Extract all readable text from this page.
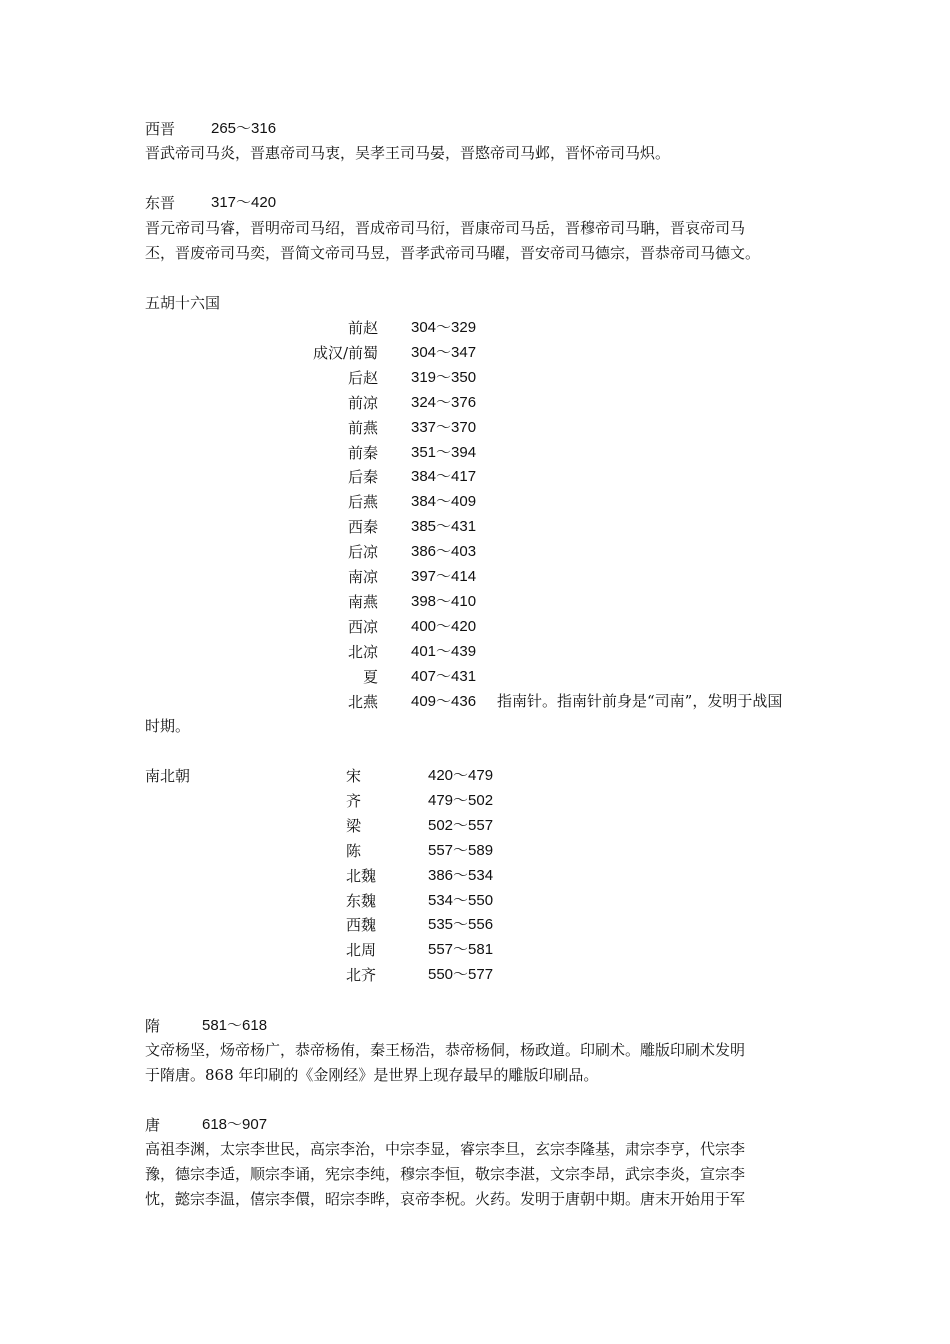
西晋 265～316
晋武帝司马炎，晋惠帝司马衷，吴孝王司马晏，晋愍帝司马邺，晋怀帝司马炽。
东晋 317～420
晋元帝司马睿，晋明帝司马绍，晋成帝司马衍，晋康帝司马岳，晋穆帝司马聃，晋哀帝司马
丕，晋废帝司马奕，晋简文帝司马昱，晋孝武帝司马曜，晋安帝司马德宗，晋恭帝司马德文。
五胡十六国
前赵 304～329
成汉/前蜀 304～347
后赵 319～350
前凉 324～376
前燕 337～370
前秦 351～394
后秦 384～417
后燕 384～409
西秦 385～431
后凉 386～403
南凉 397～414
南燕 398～410
西凉 400～420
北凉 401～439
夏 407～431
北燕 409～436 指南针。指南针前身是“司南”，发明于战国
时期。
南北朝	宋	420～479
齐	479～502
梁	502～557
陈	557～589
北魏	386～534
东魏	534～550
西魏	535～556
北周	557～581
北齐	550～577
隋	581～618
文帝杨坚，炀帝杨广，恭帝杨侑，秦王杨浩，恭帝杨侗，杨政道。印刷术。雕版印刷术发明
于隋唐。868 年印刷的《金刚经》是世界上现存最早的雕版印刷品。
唐	618～907
高祖李渊，太宗李世民，高宗李治，中宗李显，睿宗李旦，玄宗李隆基，肃宗李亨，代宗李
豫，德宗李适，顺宗李诵，宪宗李纯，穆宗李恒，敬宗李湛，文宗李昂，武宗李炎，宣宗李
忱，懿宗李温，僖宗李儇，昭宗李晔，哀帝李柷。火药。发明于唐朝中期。唐末开始用于军
